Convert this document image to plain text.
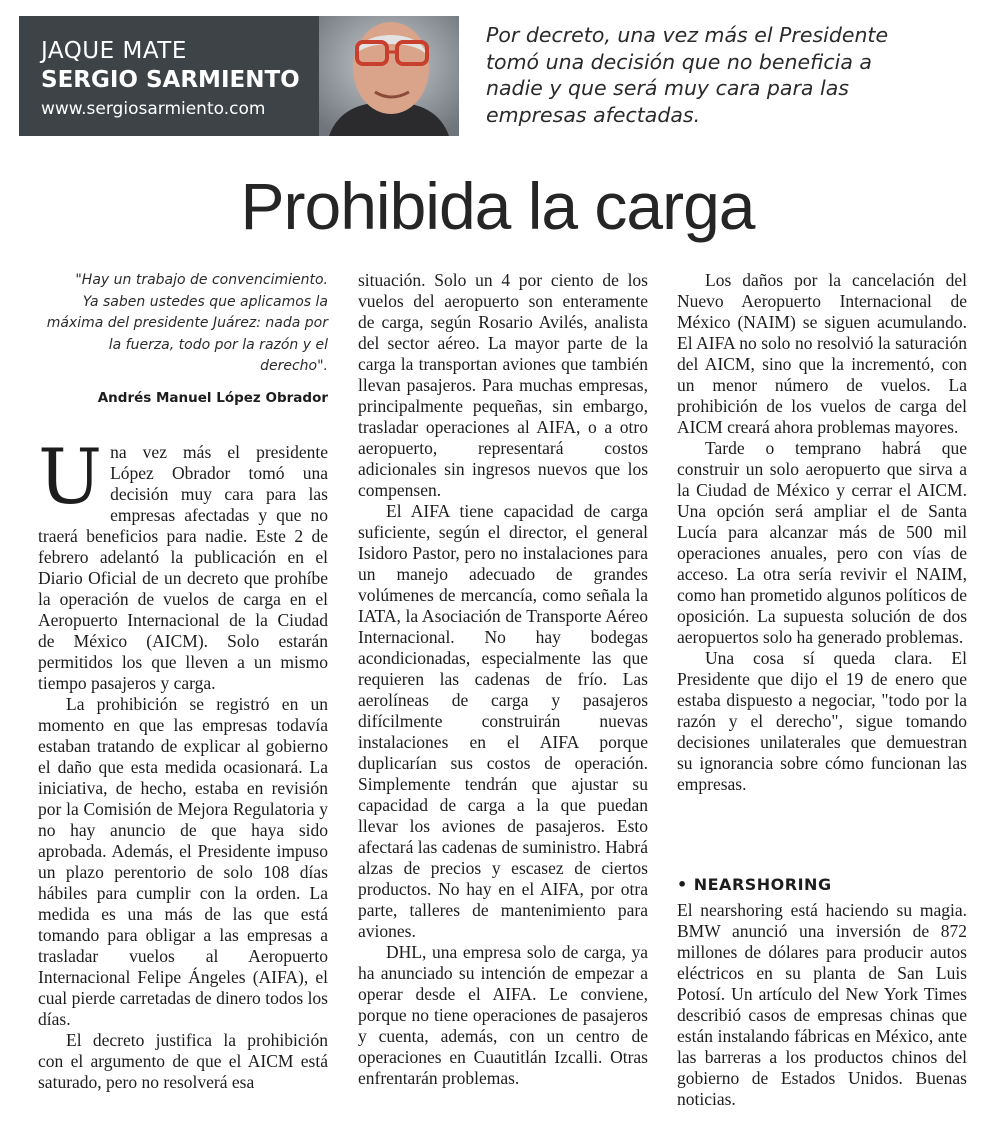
JAQUE MATE
SERGIO SARMIENTO
www.sergiosarmiento.com
Por decreto, una vez más el Presidente tomó una decisión que no beneficia a nadie y que será muy cara para las empresas afectadas.
Prohibida la carga

"Hay un trabajo de convencimiento. Ya saben ustedes que aplicamos la máxima del presidente Juárez: nada por la fuerza, todo por la razón y el derecho".

Andrés Manuel López Obrador

Una vez más el presidente López Obrador tomó una decisión muy cara para las empresas afectadas y que no traerá beneficios para nadie. Este 2 de febrero adelantó la publicación en el Diario Oficial de un decreto que prohíbe la operación de vuelos de carga en el Aeropuerto Internacional de la Ciudad de México (AICM). Solo estarán permitidos los que lleven a un mismo tiempo pasajeros y carga.

La prohibición se registró en un momento en que las empresas todavía estaban tratando de explicar al gobierno el daño que esta medida ocasionará. La iniciativa, de hecho, estaba en revisión por la Comisión de Mejora Regulatoria y no hay anuncio de que haya sido aprobada. Además, el Presidente impuso un plazo perentorio de solo 108 días hábiles para cumplir con la orden. La medida es una más de las que está tomando para obligar a las empresas a trasladar vuelos al Aeropuerto Internacional Felipe Ángeles (AIFA), el cual pierde carretadas de dinero todos los días.

El decreto justifica la prohibición con el argumento de que el AICM está saturado, pero no resolverá esa

situación. Solo un 4 por ciento de los vuelos del aeropuerto son enteramente de carga, según Rosario Avilés, analista del sector aéreo. La mayor parte de la carga la transportan aviones que también llevan pasajeros. Para muchas empresas, principalmente pequeñas, sin embargo, trasladar operaciones al AIFA, o a otro aeropuerto, representará costos adicionales sin ingresos nuevos que los compensen.

El AIFA tiene capacidad de carga suficiente, según el director, el general Isidoro Pastor, pero no instalaciones para un manejo adecuado de grandes volúmenes de mercancía, como señala la IATA, la Asociación de Transporte Aéreo Internacional. No hay bodegas acondicionadas, especialmente las que requieren las cadenas de frío. Las aerolíneas de carga y pasajeros difícilmente construirán nuevas instalaciones en el AIFA porque duplicarían sus costos de operación. Simplemente tendrán que ajustar su capacidad de carga a la que puedan llevar los aviones de pasajeros. Esto afectará las cadenas de suministro. Habrá alzas de precios y escasez de ciertos productos. No hay en el AIFA, por otra parte, talleres de mantenimiento para aviones.

DHL, una empresa solo de carga, ya ha anunciado su intención de empezar a operar desde el AIFA. Le conviene, porque no tiene operaciones de pasajeros y cuenta, además, con un centro de operaciones en Cuautitlán Izcalli. Otras enfrentarán problemas.

Los daños por la cancelación del Nuevo Aeropuerto Internacional de México (NAIM) se siguen acumulando. El AIFA no solo no resolvió la saturación del AICM, sino que la incrementó, con un menor número de vuelos. La prohibición de los vuelos de carga del AICM creará ahora problemas mayores.

Tarde o temprano habrá que construir un solo aeropuerto que sirva a la Ciudad de México y cerrar el AICM. Una opción será ampliar el de Santa Lucía para alcanzar más de 500 mil operaciones anuales, pero con vías de acceso. La otra sería revivir el NAIM, como han prometido algunos políticos de oposición. La supuesta solución de dos aeropuertos solo ha generado problemas.

Una cosa sí queda clara. El Presidente que dijo el 19 de enero que estaba dispuesto a negociar, "todo por la razón y el derecho", sigue tomando decisiones unilaterales que demuestran su ignorancia sobre cómo funcionan las empresas.

• NEARSHORING

El nearshoring está haciendo su magia. BMW anunció una inversión de 872 millones de dólares para producir autos eléctricos en su planta de San Luis Potosí. Un artículo del New York Times describió casos de empresas chinas que están instalando fábricas en México, ante las barreras a los productos chinos del gobierno de Estados Unidos. Buenas noticias.
